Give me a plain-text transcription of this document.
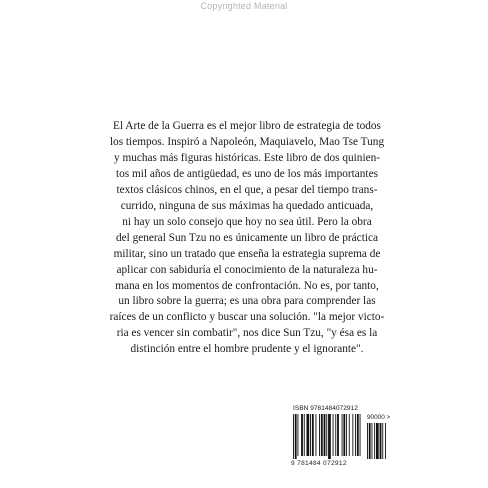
Copyrighted Material

El Arte de la Guerra es el mejor libro de estrategia de todos
los tiempos. Inspiró a Napoleón, Maquiavelo, Mao Tse Tung
y muchas más figuras históricas. Este libro de dos quinien-
tos mil años de antigüedad, es uno de los más importantes
textos clásicos chinos, en el que, a pesar del tiempo trans-
currido, ninguna de sus máximas ha quedado anticuada,
ni hay un solo consejo que hoy no sea útil. Pero la obra
del general Sun Tzu no es únicamente un libro de práctica
militar, sino un tratado que enseña la estrategia suprema de
aplicar con sabiduría el conocimiento de la naturaleza hu-
mana en los momentos de confrontación. No es, por tanto,
un libro sobre la guerra; es una obra para comprender las
raíces de un conflicto y buscar una solución. "la mejor victo-
ria es vencer sin combatir", nos dice Sun Tzu, "y ésa es la
distinción entre el hombre prudente y el ignorante".

ISBN 9781484072912
90000 >
9 781484 072912
